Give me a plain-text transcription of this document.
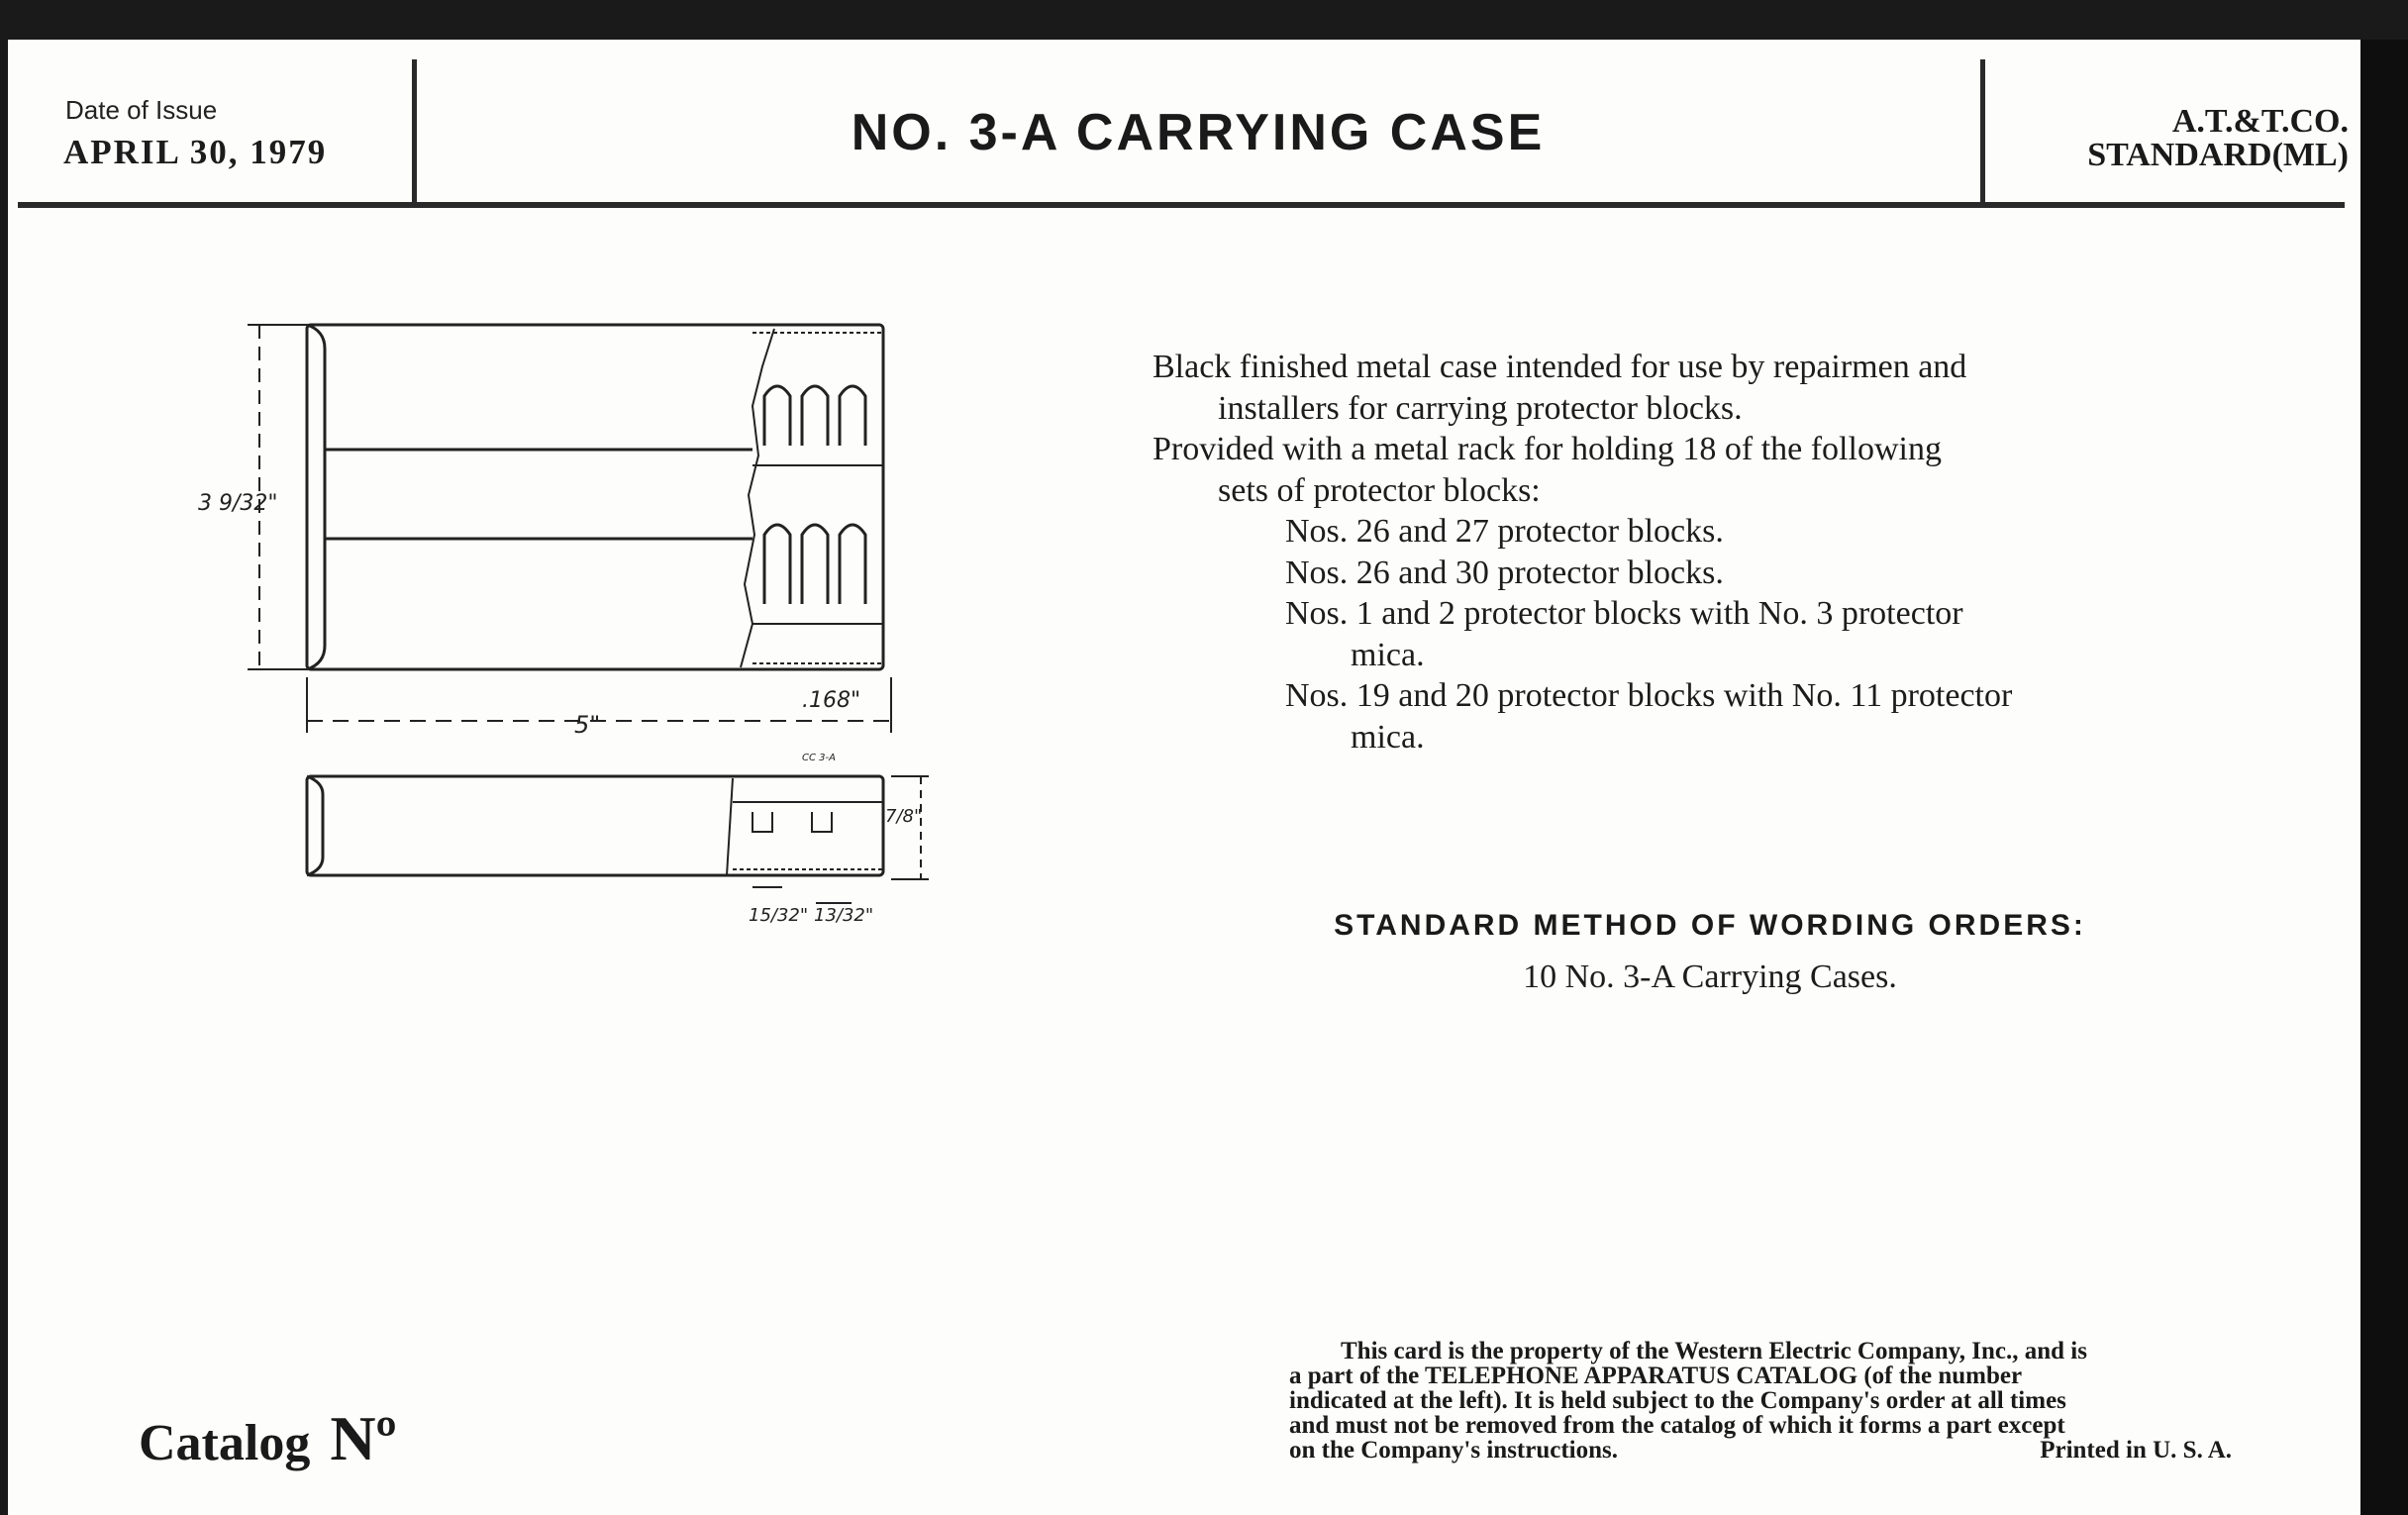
Date of Issue
APRIL 30, 1979	NO. 3-A CARRYING CASE	A.T.&T.CO.
STANDARD(ML)
3 9/32"
5"
.168"
CC 3-A
7/8"
15/32" 13/32"
Black finished metal case intended for use by repairmen and
installers for carrying protector blocks.
Provided with a metal rack for holding 18 of the following
sets of protector blocks:
Nos. 26 and 27 protector blocks.
Nos. 26 and 30 protector blocks.
Nos. 1 and 2 protector blocks with No. 3 protector
mica.
Nos. 19 and 20 protector blocks with No. 11 protector
mica.
STANDARD METHOD OF WORDING ORDERS:
10 No. 3-A Carrying Cases.
Catalog Nº

This card is the property of the Western Electric Company, Inc., and is

a part of the TELEPHONE APPARATUS CATALOG (of the number

indicated at the left). It is held subject to the Company's order at all times

and must not be removed from the catalog of which it forms a part except

on the Company's instructions.	Printed in U. S. A.
